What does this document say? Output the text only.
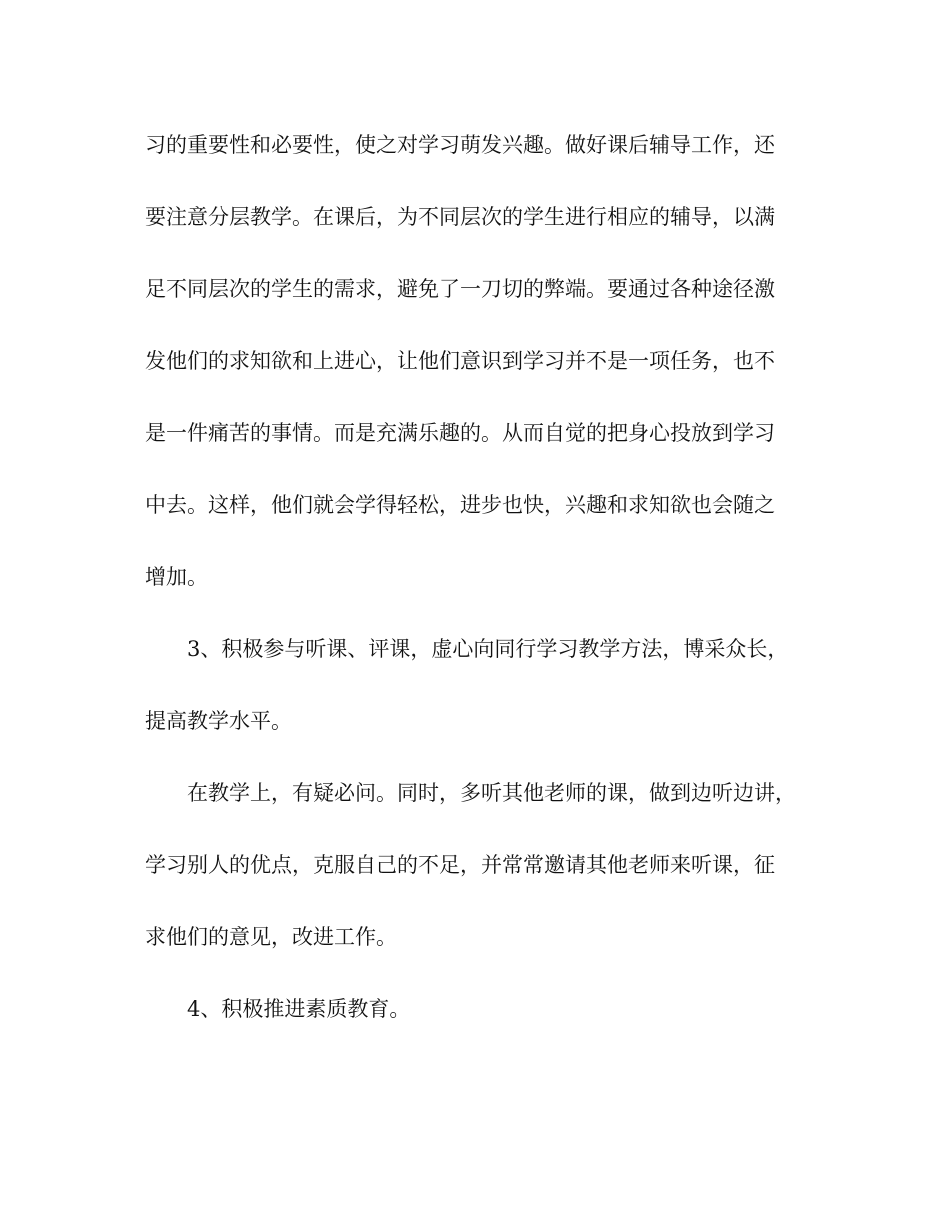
习的重要性和必要性，使之对学习萌发兴趣。做好课后辅导工作，还
要注意分层教学。在课后，为不同层次的学生进行相应的辅导，以满
足不同层次的学生的需求，避免了一刀切的弊端。要通过各种途径激
发他们的求知欲和上进心，让他们意识到学习并不是一项任务，也不
是一件痛苦的事情。而是充满乐趣的。从而自觉的把身心投放到学习
中去。这样，他们就会学得轻松，进步也快，兴趣和求知欲也会随之
增加。
3、积极参与听课、评课，虚心向同行学习教学方法，博采众长，
提高教学水平。
在教学上，有疑必问。同时，多听其他老师的课，做到边听边讲，
学习别人的优点，克服自己的不足，并常常邀请其他老师来听课，征
求他们的意见，改进工作。
4、积极推进素质教育。
